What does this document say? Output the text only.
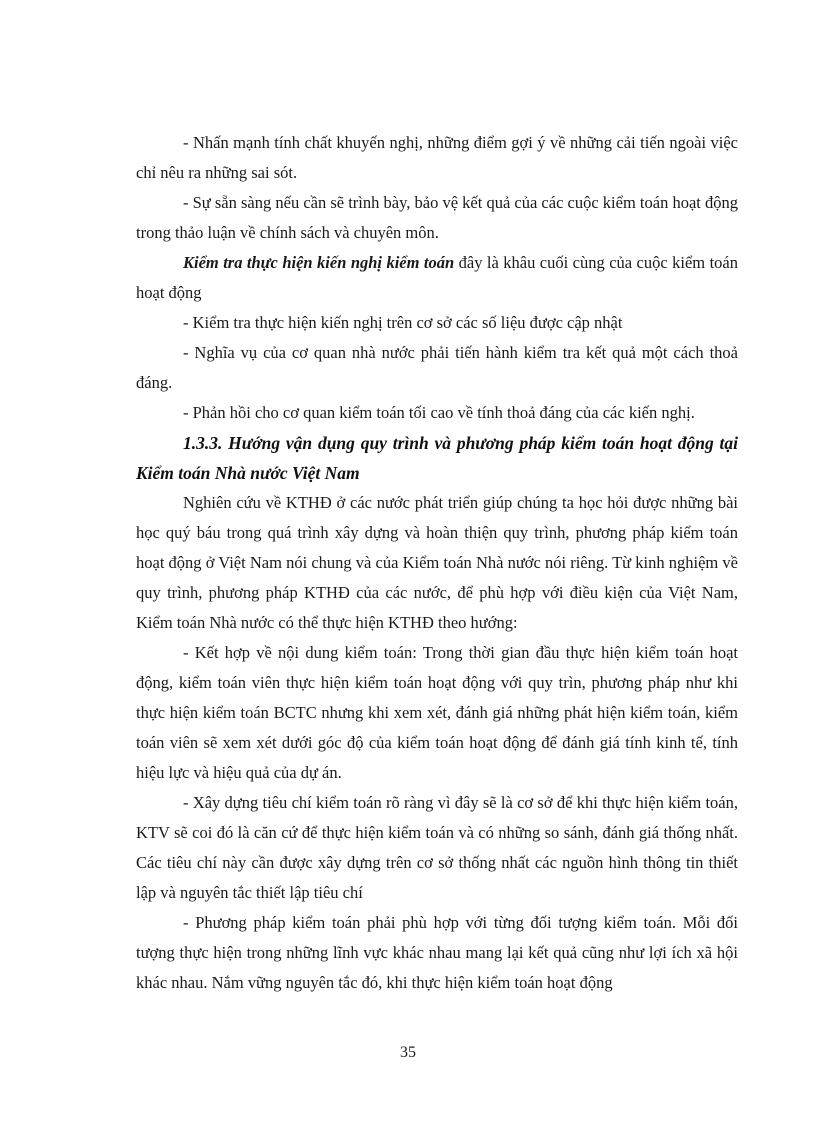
- Nhấn mạnh tính chất khuyến nghị, những điểm gợi ý về những cải tiến ngoài việc chỉ nêu ra những sai sót.

- Sự sẵn sàng nếu cần sẽ trình bày, bảo vệ kết quả của các cuộc kiểm toán hoạt động trong thảo luận về chính sách và chuyên môn.

Kiểm tra thực hiện kiến nghị kiểm toán đây là khâu cuối cùng của cuộc kiểm toán hoạt động

- Kiểm tra thực hiện kiến nghị trên cơ sở các số liệu được cập nhật

- Nghĩa vụ của cơ quan nhà nước phải tiến hành kiểm tra kết quả một cách thoả đáng.

- Phản hồi cho cơ quan kiểm toán tối cao về tính thoả đáng của các kiến nghị.

1.3.3. Hướng vận dụng quy trình và phương pháp kiểm toán hoạt động tại Kiểm toán Nhà nước Việt Nam

Nghiên cứu về KTHĐ ở các nước phát triển giúp chúng ta học hỏi được những bài học quý báu trong quá trình xây dựng và hoàn thiện quy trình, phương pháp kiểm toán hoạt động ở Việt Nam nói chung và của Kiểm toán Nhà nước nói riêng. Từ kinh nghiệm về quy trình, phương pháp KTHĐ của các nước, để phù hợp với điều kiện của Việt Nam, Kiểm toán Nhà nước có thể thực hiện KTHĐ theo hướng:

- Kết hợp về nội dung kiểm toán: Trong thời gian đầu thực hiện kiểm toán hoạt động, kiểm toán viên thực hiện kiểm toán hoạt động với quy trìn, phương pháp như khi thực hiện kiểm toán BCTC nhưng khi xem xét, đánh giá những phát hiện kiểm toán, kiểm toán viên sẽ xem xét dưới góc độ của kiểm toán hoạt động để đánh giá tính kinh tế, tính hiệu lực và hiệu quả của dự án.

- Xây dựng tiêu chí kiểm toán rõ ràng vì đây sẽ là cơ sở để khi thực hiện kiểm toán, KTV sẽ coi đó là căn cứ để thực hiện kiểm toán và có những so sánh, đánh giá thống nhất. Các tiêu chí này cần được xây dựng trên cơ sở thống nhất các nguồn hình thông tin thiết lập và nguyên tắc thiết lập tiêu chí

- Phương pháp kiểm toán phải phù hợp với từng đối tượng kiểm toán. Mỗi đối tượng thực hiện trong những lĩnh vực khác nhau mang lại kết quả cũng như lợi ích xã hội khác nhau. Nắm vững nguyên tắc đó, khi thực hiện kiểm toán hoạt động

35
